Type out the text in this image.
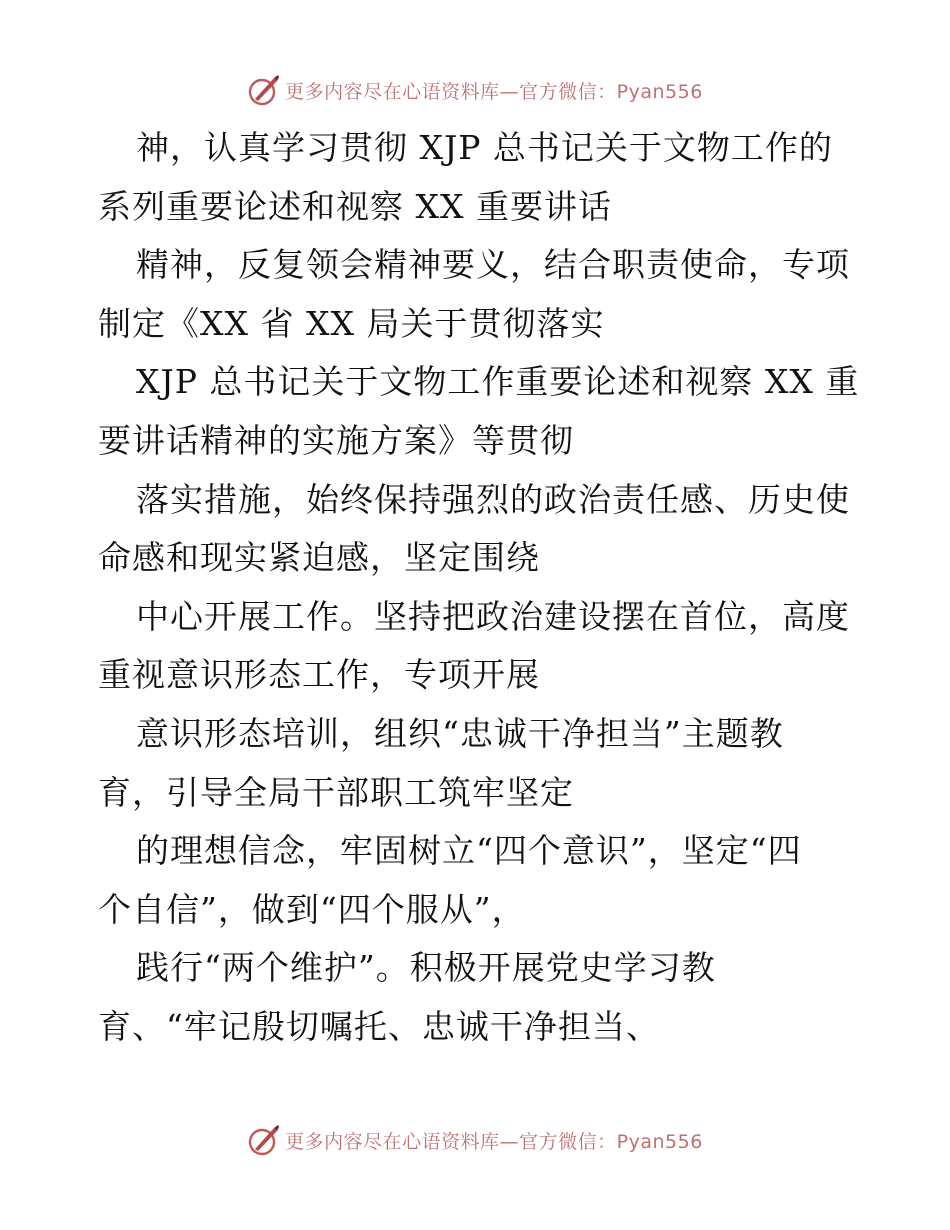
更多内容尽在心语资料库—官方微信：Pyan556
神，认真学习贯彻 XJP 总书记关于文物工作的
系列重要论述和视察 XX 重要讲话
精神，反复领会精神要义，结合职责使命，专项
制定《XX 省 XX 局关于贯彻落实
XJP 总书记关于文物工作重要论述和视察 XX 重
要讲话精神的实施方案》等贯彻
落实措施，始终保持强烈的政治责任感、历史使
命感和现实紧迫感，坚定围绕
中心开展工作。坚持把政治建设摆在首位，高度
重视意识形态工作，专项开展
意识形态培训，组织“忠诚干净担当”主题教
育，引导全局干部职工筑牢坚定
的理想信念，牢固树立“四个意识”，坚定“四
个自信”，做到“四个服从”，
践行“两个维护”。积极开展党史学习教
育、“牢记殷切嘱托、忠诚干净担当、
更多内容尽在心语资料库—官方微信：Pyan556
